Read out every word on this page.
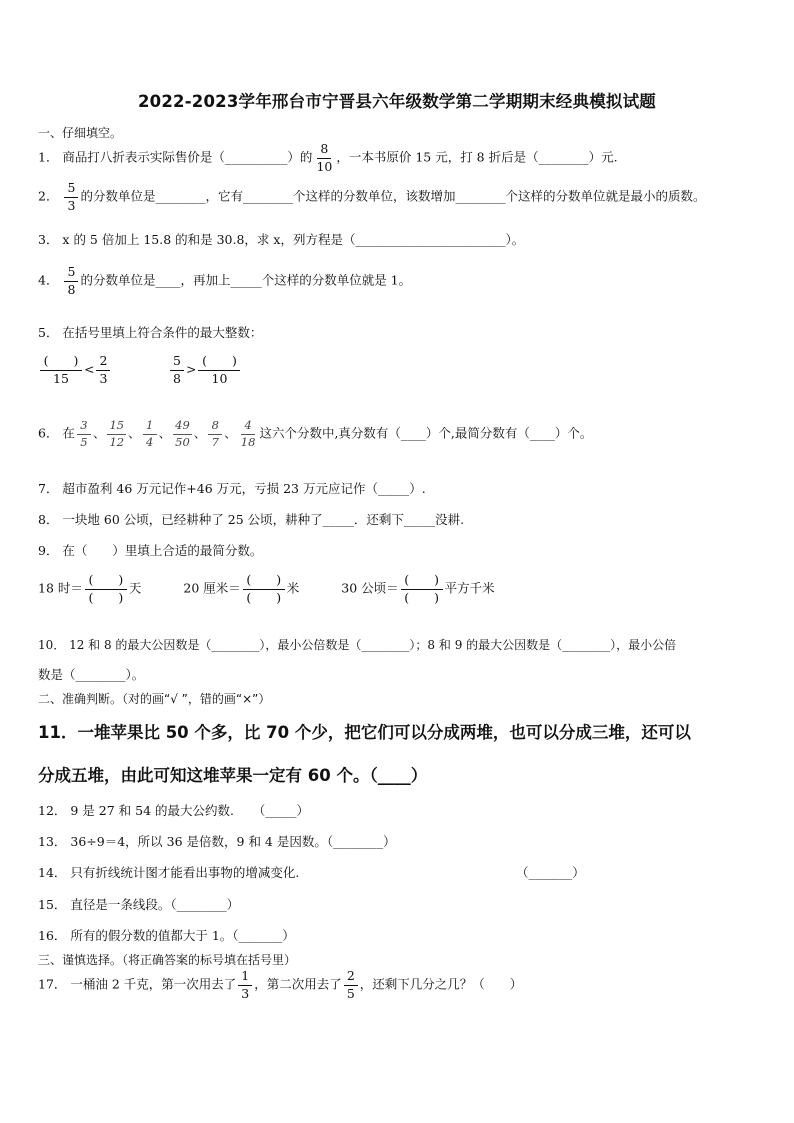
2022-2023学年邢台市宁晋县六年级数学第二学期期末经典模拟试题
一、仔细填空。
1． 商品打八折表示实际售价是（__________）的 $\frac{8}{10}$ ，一本书原价 15 元，打 8 折后是（________）元.
2． $\frac{5}{3}$ 的分数单位是________，它有________个这样的分数单位，该数增加________个这样的分数单位就是最小的质数。
3． x 的 5 倍加上 15.8 的和是 30.8，求 x，列方程是（________________________）。
4． $\frac{5}{8}$ 的分数单位是____，再加上_____个这样的分数单位就是 1。
5． 在括号里填上符合条件的最大整数：
$\frac{( )}{15} < \frac{2}{3}$	$\frac{5}{8} > \frac{( )}{10}$
6． 在 $\frac{3}{5}$ 、 $\frac{15}{12}$ 、 $\frac{1}{4}$ 、 $\frac{49}{50}$ 、 $\frac{8}{7}$ 、 $\frac{4}{18}$ 这六个分数中,真分数有（____）个,最简分数有（____）个。
7． 超市盈利 46 万元记作+46 万元，亏损 23 万元应记作（_____）.
8． 一块地 60 公顷，已经耕种了 25 公顷，耕种了_____．还剩下_____没耕.
9． 在（　　）里填上合适的最简分数。
18 时＝ $\frac{( )}{( )}$ 天	20 厘米＝ $\frac{( )}{( )}$ 米	30 公顷＝ $\frac{( )}{( )}$ 平方千米
10． 12 和 8 的最大公因数是（________），最小公倍数是（________）；8 和 9 的最大公因数是（________），最小公倍
数是（________）。
二、准确判断。（对的画“√ ”，错的画“×”）
11．一堆苹果比 50 个多，比 70 个少，把它们可以分成两堆，也可以分成三堆，还可以
分成五堆，由此可知这堆苹果一定有 60 个。（____）
12． 9 是 27 和 54 的最大公约数.　　（_____）
13． 36÷9＝4，所以 36 是倍数，9 和 4 是因数。（________）
14． 只有折线统计图才能看出事物的增减变化.	（_______）
15． 直径是一条线段。（________）
16． 所有的假分数的值都大于 1。（_______）
三、谨慎选择。（将正确答案的标号填在括号里）
17． 一桶油 2 千克，第一次用去了 $\frac{1}{3}$ ，第二次用去了 $\frac{2}{5}$ ，还剩下几分之几？（　　）
